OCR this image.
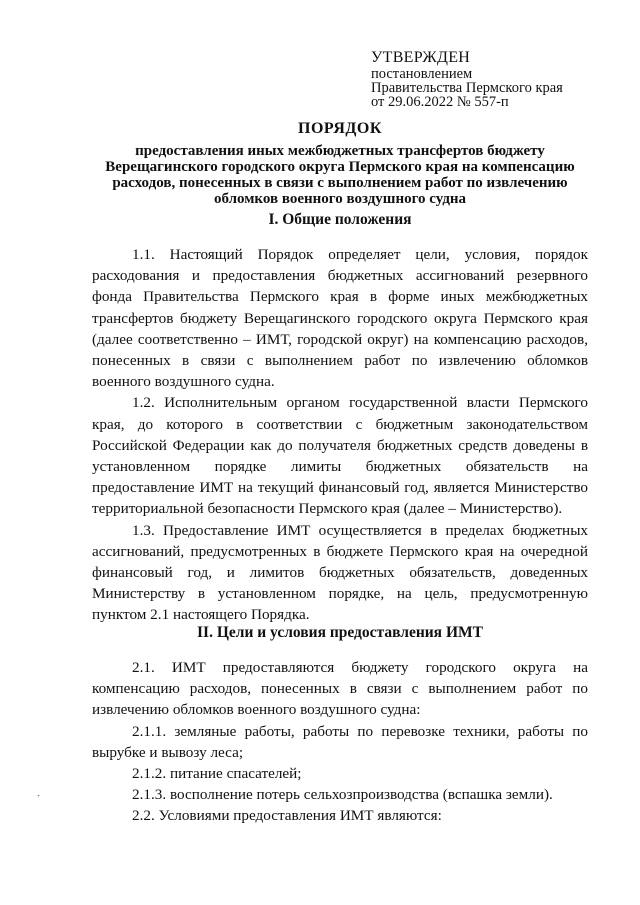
УТВЕРЖДЕН
постановлением
Правительства Пермского края
от 29.06.2022 № 557-п
ПОРЯДОК
предоставления иных межбюджетных трансфертов бюджету
Верещагинского городского округа Пермского края на компенсацию
расходов, понесенных в связи с выполнением работ по извлечению
обломков военного воздушного судна
I. Общие положения

1.1. Настоящий Порядок определяет цели, условия, порядок расходования и предоставления бюджетных ассигнований резервного фонда Правительства Пермского края в форме иных межбюджетных трансфертов бюджету Верещагинского городского округа Пермского края (далее соответственно – ИМТ, городской округ) на компенсацию расходов, понесенных в связи с выполнением работ по извлечению обломков военного воздушного судна.

1.2. Исполнительным органом государственной власти Пермского края, до которого в соответствии с бюджетным законодательством Российской Федерации как до получателя бюджетных средств доведены в установленном порядке лимиты бюджетных обязательств на предоставление ИМТ на текущий финансовый год, является Министерство территориальной безопасности Пермского края (далее – Министерство).

1.3. Предоставление ИМТ осуществляется в пределах бюджетных ассигнований, предусмотренных в бюджете Пермского края на очередной финансовый год, и лимитов бюджетных обязательств, доведенных Министерству в установленном порядке, на цель, предусмотренную пунктом 2.1 настоящего Порядка.

II. Цели и условия предоставления ИМТ

2.1. ИМТ предоставляются бюджету городского округа на компенсацию расходов, понесенных в связи с выполнением работ по извлечению обломков военного воздушного судна:

2.1.1. земляные работы, работы по перевозке техники, работы по вырубке и вывозу леса;

2.1.2. питание спасателей;

2.1.3. восполнение потерь сельхозпроизводства (вспашка земли).

2.2. Условиями предоставления ИМТ являются:
